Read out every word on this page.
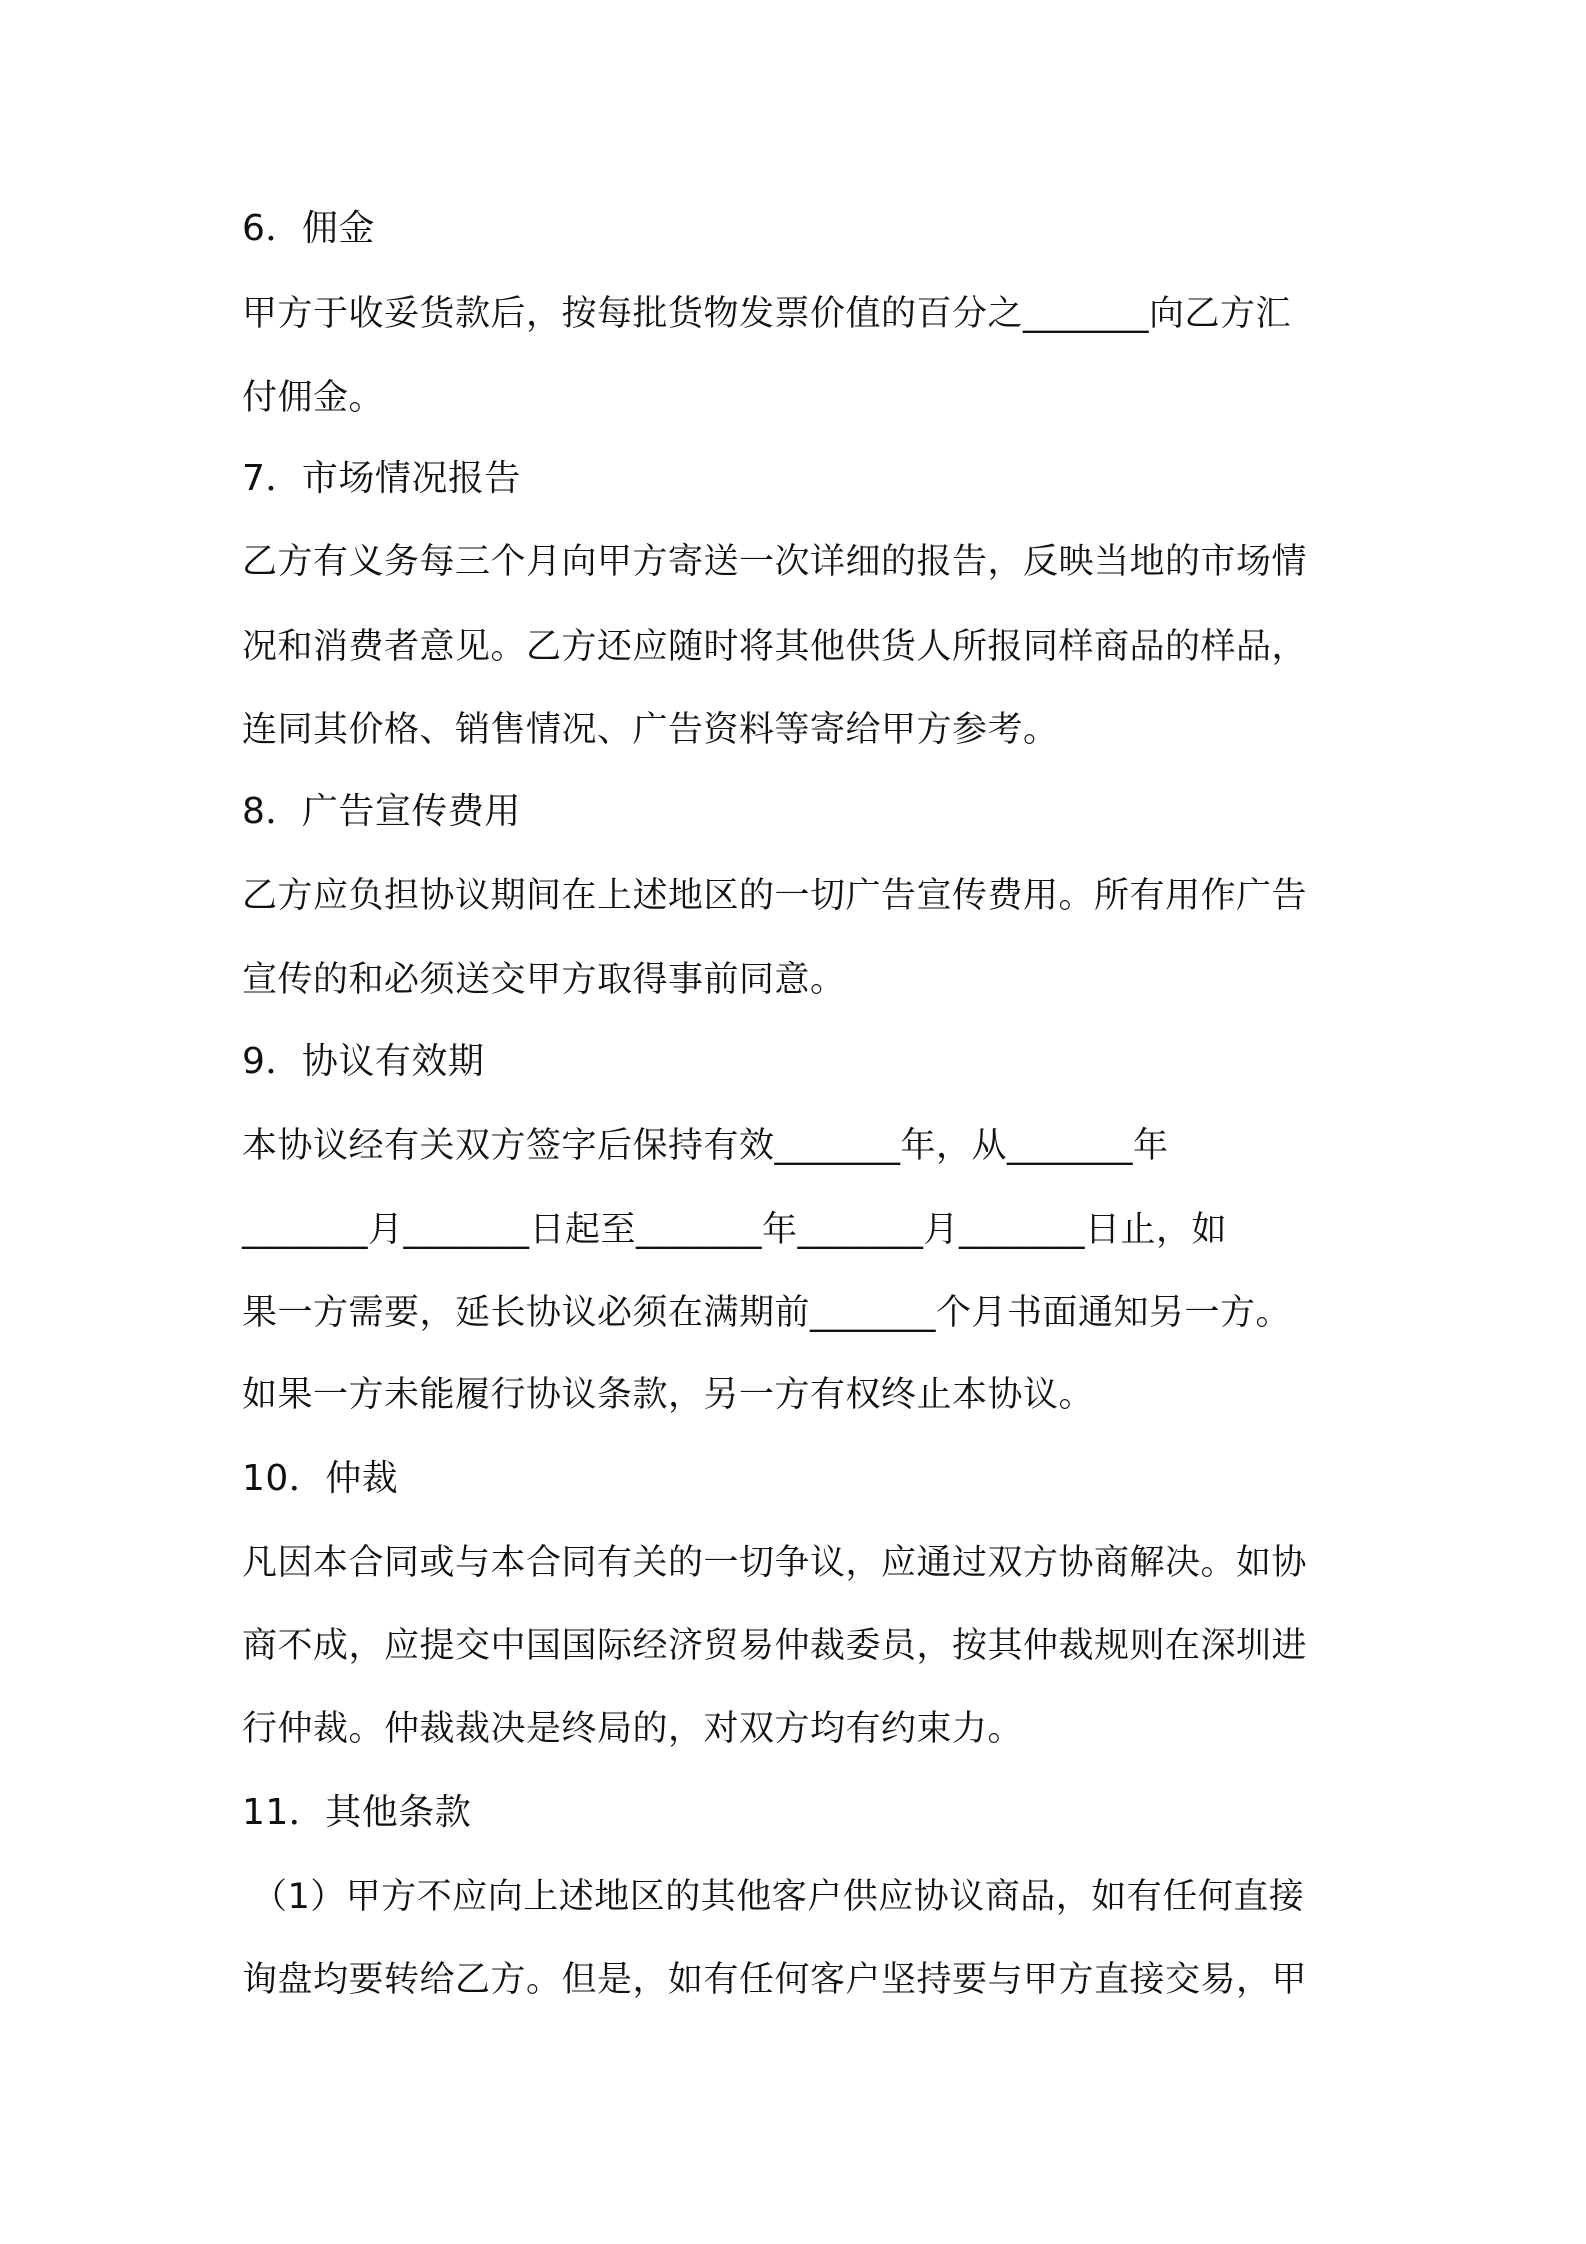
6．佣金
甲方于收妥货款后，按每批货物发票价值的百分之_______向乙方汇
付佣金。
7．市场情况报告
乙方有义务每三个月向甲方寄送一次详细的报告，反映当地的市场情
况和消费者意见。乙方还应随时将其他供货人所报同样商品的样品，
连同其价格、销售情况、广告资料等寄给甲方参考。
8．广告宣传费用
乙方应负担协议期间在上述地区的一切广告宣传费用。所有用作广告
宣传的和必须送交甲方取得事前同意。
9．协议有效期
本协议经有关双方签字后保持有效_______年，从_______年
_______月_______日起至_______年_______月_______日止，如
果一方需要，延长协议必须在满期前_______个月书面通知另一方。
如果一方未能履行协议条款，另一方有权终止本协议。
10．仲裁
凡因本合同或与本合同有关的一切争议，应通过双方协商解决。如协
商不成，应提交中国国际经济贸易仲裁委员，按其仲裁规则在深圳进
行仲裁。仲裁裁决是终局的，对双方均有约束力。
11．其他条款
（1）甲方不应向上述地区的其他客户供应协议商品，如有任何直接
询盘均要转给乙方。但是，如有任何客户坚持要与甲方直接交易，甲
